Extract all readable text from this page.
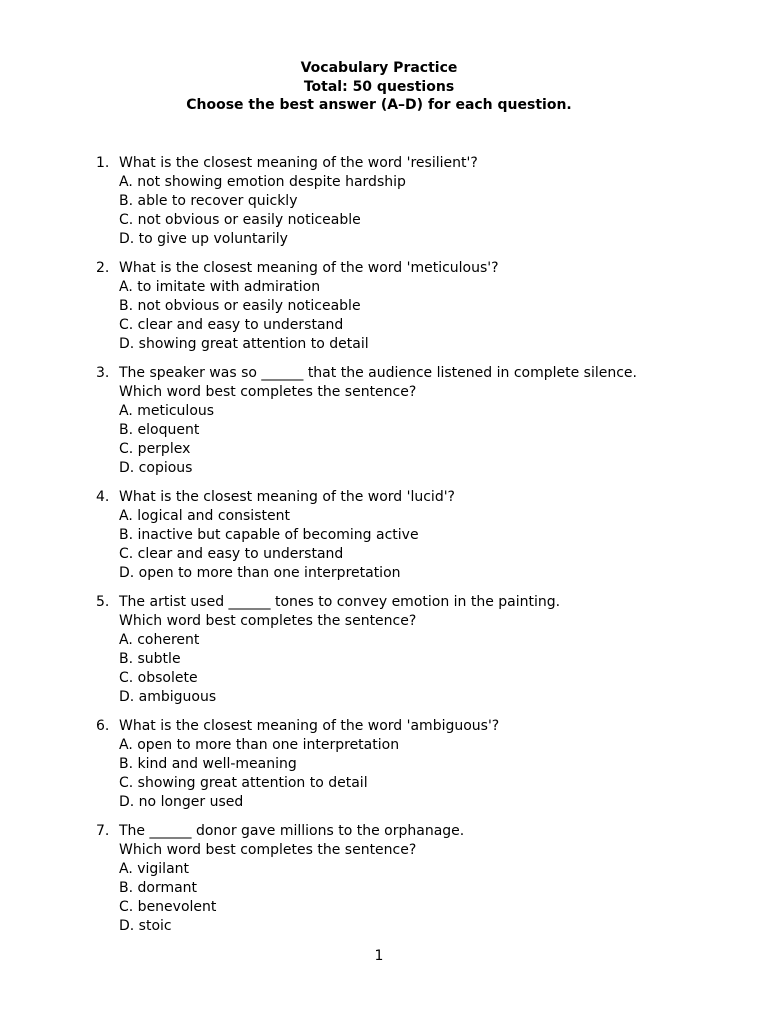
Vocabulary Practice
Total: 50 questions
Choose the best answer (A–D) for each question.
1. What is the closest meaning of the word 'resilient'?
A. not showing emotion despite hardship
B. able to recover quickly
C. not obvious or easily noticeable
D. to give up voluntarily
2. What is the closest meaning of the word 'meticulous'?
A. to imitate with admiration
B. not obvious or easily noticeable
C. clear and easy to understand
D. showing great attention to detail
3. The speaker was so ______ that the audience listened in complete silence.
Which word best completes the sentence?
A. meticulous
B. eloquent
C. perplex
D. copious
4. What is the closest meaning of the word 'lucid'?
A. logical and consistent
B. inactive but capable of becoming active
C. clear and easy to understand
D. open to more than one interpretation
5. The artist used ______ tones to convey emotion in the painting.
Which word best completes the sentence?
A. coherent
B. subtle
C. obsolete
D. ambiguous
6. What is the closest meaning of the word 'ambiguous'?
A. open to more than one interpretation
B. kind and well-meaning
C. showing great attention to detail
D. no longer used
7. The ______ donor gave millions to the orphanage.
Which word best completes the sentence?
A. vigilant
B. dormant
C. benevolent
D. stoic
1
